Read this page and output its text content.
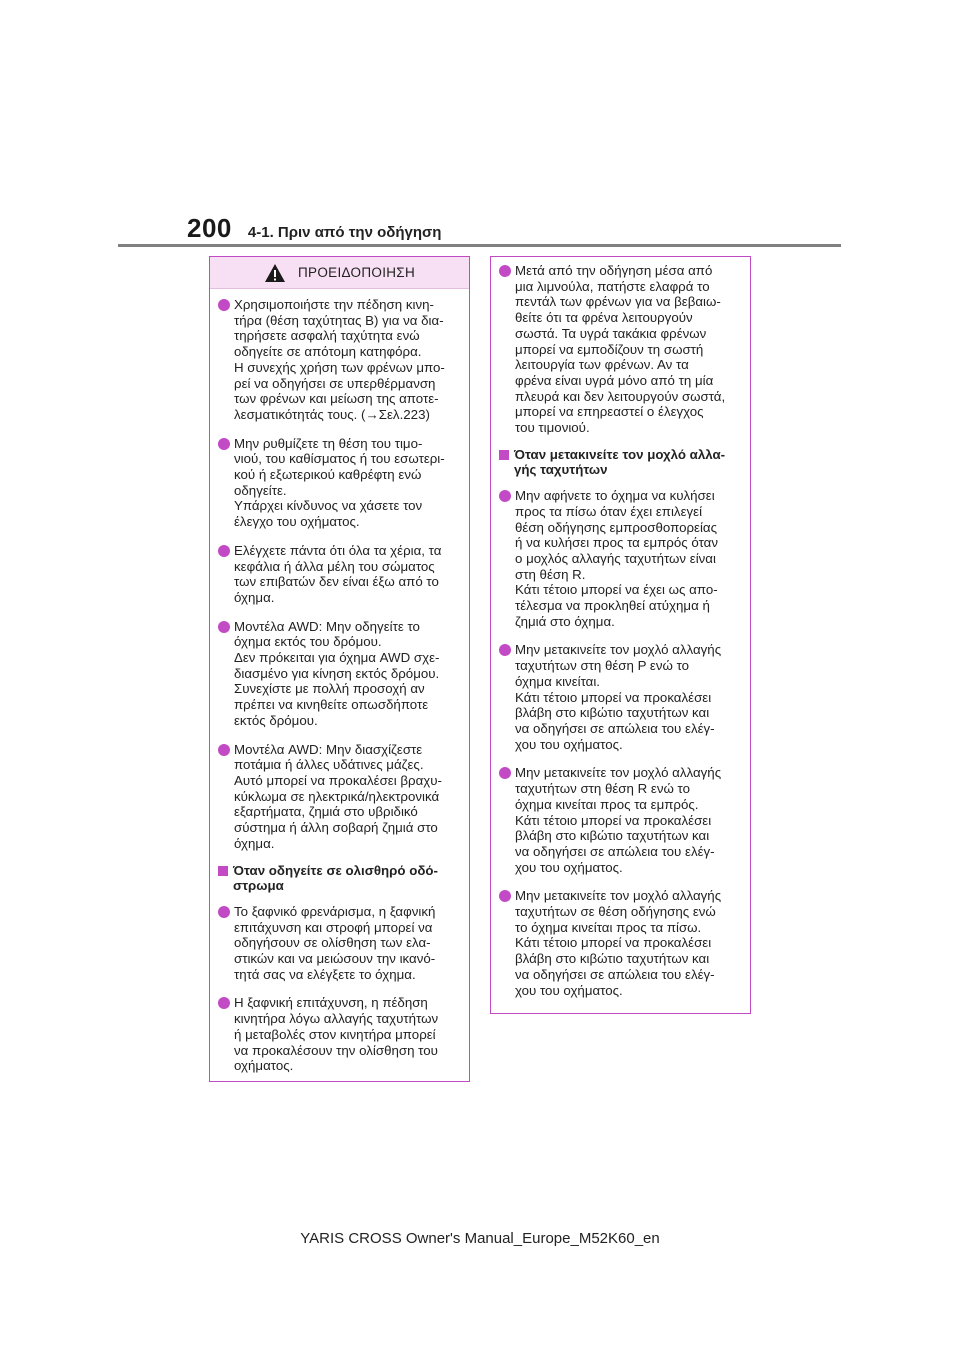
200 4-1. Πριν από την οδήγηση
ΠΡΟΕΙΔΟΠΟΙΗΣΗ
Χρησιμοποιήστε την πέδηση κινη-
τήρα (θέση ταχύτητας B) για να δια-
τηρήσετε ασφαλή ταχύτητα ενώ
οδηγείτε σε απότομη κατηφόρα.
Η συνεχής χρήση των φρένων μπο-
ρεί να οδηγήσει σε υπερθέρμανση
των φρένων και μείωση της αποτε-
λεσματικότητάς τους. (→Σελ.223)
Μην ρυθμίζετε τη θέση του τιμο-
νιού, του καθίσματος ή του εσωτερι-
κού ή εξωτερικού καθρέφτη ενώ
οδηγείτε.
Υπάρχει κίνδυνος να χάσετε τον
έλεγχο του οχήματος.
Ελέγχετε πάντα ότι όλα τα χέρια, τα
κεφάλια ή άλλα μέλη του σώματος
των επιβατών δεν είναι έξω από το
όχημα.
Μοντέλα AWD: Μην οδηγείτε το
όχημα εκτός του δρόμου.
Δεν πρόκειται για όχημα AWD σχε-
διασμένο για κίνηση εκτός δρόμου.
Συνεχίστε με πολλή προσοχή αν
πρέπει να κινηθείτε οπωσδήποτε
εκτός δρόμου.
Μοντέλα AWD: Μην διασχίζεστε
ποτάμια ή άλλες υδάτινες μάζες.
Αυτό μπορεί να προκαλέσει βραχυ-
κύκλωμα σε ηλεκτρικά/ηλεκτρονικά
εξαρτήματα, ζημιά στο υβριδικό
σύστημα ή άλλη σοβαρή ζημιά στο
όχημα.
Όταν οδηγείτε σε ολισθηρό οδό-
στρωμα
Το ξαφνικό φρενάρισμα, η ξαφνική
επιτάχυνση και στροφή μπορεί να
οδηγήσουν σε ολίσθηση των ελα-
στικών και να μειώσουν την ικανό-
τητά σας να ελέγξετε το όχημα.
Η ξαφνική επιτάχυνση, η πέδηση
κινητήρα λόγω αλλαγής ταχυτήτων
ή μεταβολές στον κινητήρα μπορεί
να προκαλέσουν την ολίσθηση του
οχήματος.
Μετά από την οδήγηση μέσα από
μια λιμνούλα, πατήστε ελαφρά το
πεντάλ των φρένων για να βεβαιω-
θείτε ότι τα φρένα λειτουργούν
σωστά. Τα υγρά τακάκια φρένων
μπορεί να εμποδίζουν τη σωστή
λειτουργία των φρένων. Αν τα
φρένα είναι υγρά μόνο από τη μία
πλευρά και δεν λειτουργούν σωστά,
μπορεί να επηρεαστεί ο έλεγχος
του τιμονιού.
Όταν μετακινείτε τον μοχλό αλλα-
γής ταχυτήτων
Μην αφήνετε το όχημα να κυλήσει
προς τα πίσω όταν έχει επιλεγεί
θέση οδήγησης εμπροσθοπορείας
ή να κυλήσει προς τα εμπρός όταν
ο μοχλός αλλαγής ταχυτήτων είναι
στη θέση R.
Κάτι τέτοιο μπορεί να έχει ως απο-
τέλεσμα να προκληθεί ατύχημα ή
ζημιά στο όχημα.
Μην μετακινείτε τον μοχλό αλλαγής
ταχυτήτων στη θέση P ενώ το
όχημα κινείται.
Κάτι τέτοιο μπορεί να προκαλέσει
βλάβη στο κιβώτιο ταχυτήτων και
να οδηγήσει σε απώλεια του ελέγ-
χου του οχήματος.
Μην μετακινείτε τον μοχλό αλλαγής
ταχυτήτων στη θέση R ενώ το
όχημα κινείται προς τα εμπρός.
Κάτι τέτοιο μπορεί να προκαλέσει
βλάβη στο κιβώτιο ταχυτήτων και
να οδηγήσει σε απώλεια του ελέγ-
χου του οχήματος.
Μην μετακινείτε τον μοχλό αλλαγής
ταχυτήτων σε θέση οδήγησης ενώ
το όχημα κινείται προς τα πίσω.
Κάτι τέτοιο μπορεί να προκαλέσει
βλάβη στο κιβώτιο ταχυτήτων και
να οδηγήσει σε απώλεια του ελέγ-
χου του οχήματος.
YARIS CROSS Owner's Manual_Europe_M52K60_en
